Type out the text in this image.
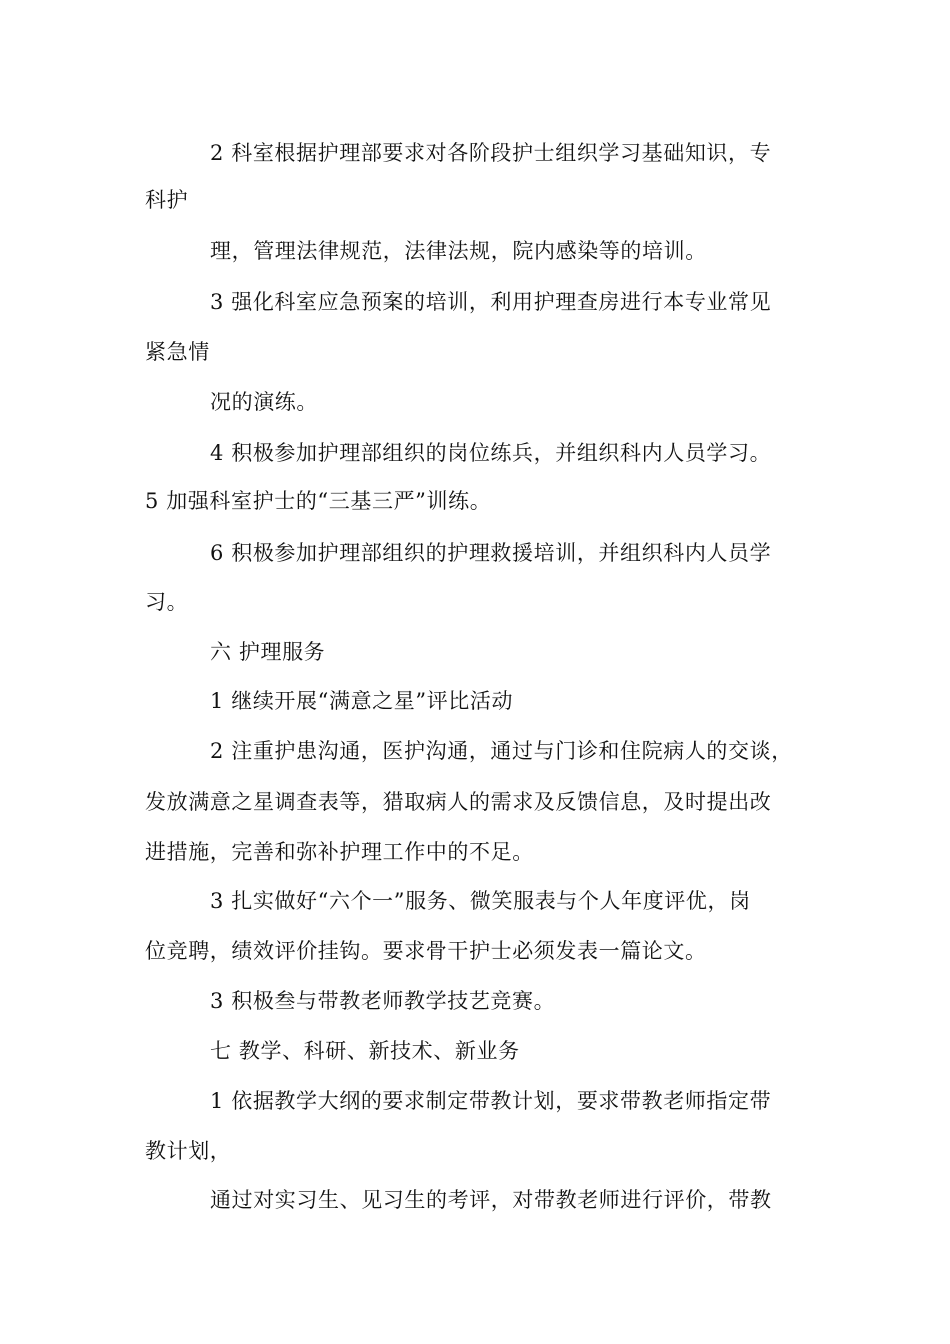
2 科室根据护理部要求对各阶段护士组织学习基础知识，专
科护
理，管理法律规范，法律法规，院内感染等的培训。
3 强化科室应急预案的培训，利用护理查房进行本专业常见
紧急情
况的演练。
4 积极参加护理部组织的岗位练兵，并组织科内人员学习。
5 加强科室护士的“三基三严”训练。
6 积极参加护理部组织的护理救援培训，并组织科内人员学
习。
六 护理服务
1 继续开展“满意之星”评比活动
2 注重护患沟通，医护沟通，通过与门诊和住院病人的交谈，
发放满意之星调查表等，猎取病人的需求及反馈信息，及时提出改
进措施，完善和弥补护理工作中的不足。
3 扎实做好“六个一”服务、微笑服表与个人年度评优，岗
位竞聘，绩效评价挂钩。要求骨干护士必须发表一篇论文。
3 积极叁与带教老师教学技艺竞赛。
七 教学、科研、新技术、新业务
1 依据教学大纲的要求制定带教计划，要求带教老师指定带
教计划，
通过对实习生、见习生的考评，对带教老师进行评价，带教
